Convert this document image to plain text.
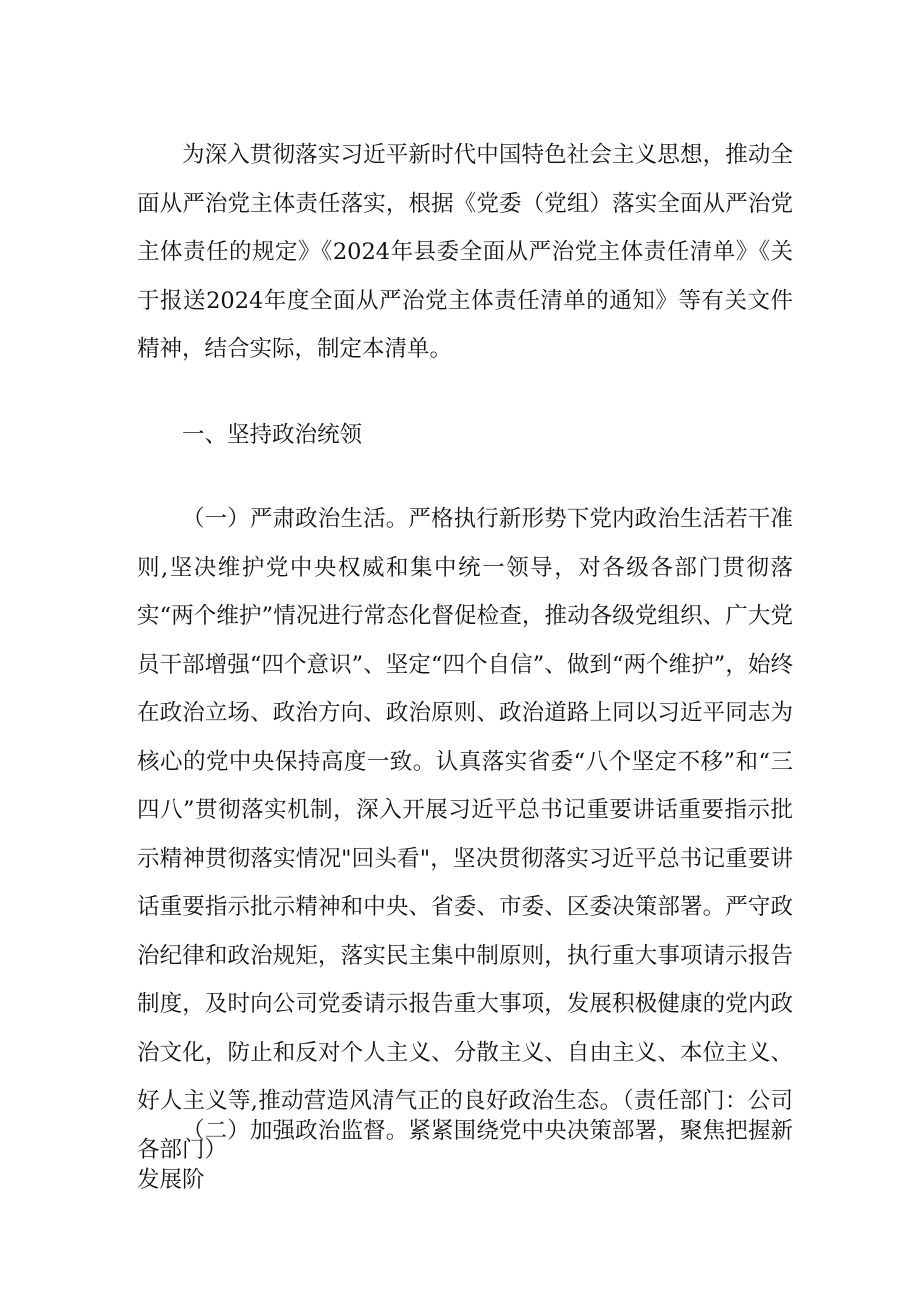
为深入贯彻落实习近平新时代中国特色社会主义思想，推动全面从严治党主体责任落实，根据《党委（党组）落实全面从严治党主体责任的规定》《2024年县委全面从严治党主体责任清单》《关于报送2024年度全面从严治党主体责任清单的通知》等有关文件精神，结合实际，制定本清单。

一、坚持政治统领

（一）严肃政治生活。严格执行新形势下党内政治生活若干准则,坚决维护党中央权威和集中统一领导，对各级各部门贯彻落实“两个维护”情况进行常态化督促检查，推动各级党组织、广大党员干部增强“四个意识”、坚定“四个自信”、做到“两个维护”，始终在政治立场、政治方向、政治原则、政治道路上同以习近平同志为核心的党中央保持高度一致。认真落实省委“八个坚定不移”和“三四八”贯彻落实机制，深入开展习近平总书记重要讲话重要指示批示精神贯彻落实情况"回头看"，坚决贯彻落实习近平总书记重要讲话重要指示批示精神和中央、省委、市委、区委决策部署。严守政治纪律和政治规矩，落实民主集中制原则，执行重大事项请示报告制度，及时向公司党委请示报告重大事项，发展积极健康的党内政治文化，防止和反对个人主义、分散主义、自由主义、本位主义、好人主义等,推动营造风清气正的良好政治生态。（责任部门：公司各部门）

（二）加强政治监督。紧紧围绕党中央决策部署，聚焦把握新发展阶
